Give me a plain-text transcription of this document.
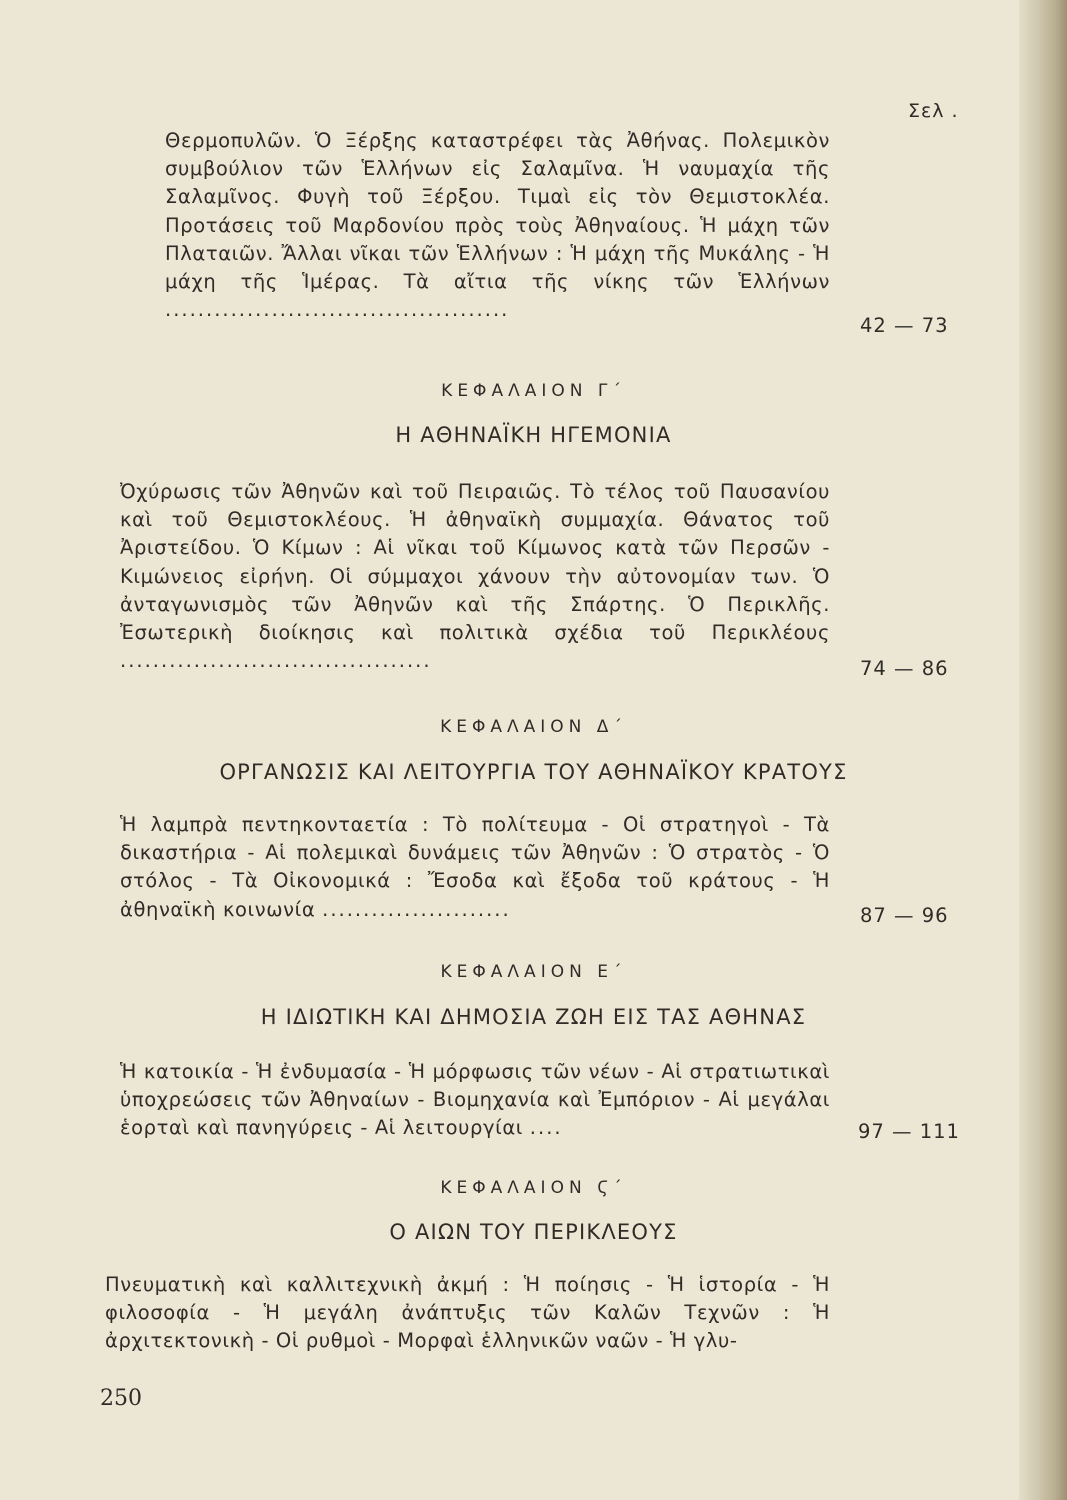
Σελ .
Θερμοπυλῶν. Ὁ Ξέρξης καταστρέφει τὰς Ἀθήνας. Πολεμικὸν συμβούλιον τῶν Ἑλλήνων εἰς Σαλαμῖνα. Ἡ ναυμαχία τῆς Σαλαμῖνος. Φυγὴ τοῦ Ξέρξου. Τιμαὶ εἰς τὸν Θεμιστοκλέα. Προτάσεις τοῦ Μαρδονίου πρὸς τοὺς Ἀθηναίους. Ἡ μάχη τῶν Πλαταιῶν. Ἄλλαι νῖκαι τῶν Ἑλλήνων : Ἡ μάχη τῆς Μυκάλης - Ἡ μάχη τῆς Ἱμέρας. Τὰ αἴτια τῆς νίκης τῶν Ἑλλήνων ..........................................
42 — 73
ΚΕΦΑΛΑΙΟΝ Γ΄
Η ΑΘΗΝΑΪΚΗ ΗΓΕΜΟΝΙΑ
Ὀχύρωσις τῶν Ἀθηνῶν καὶ τοῦ Πειραιῶς. Τὸ τέλος τοῦ Παυσανίου καὶ τοῦ Θεμιστοκλέους. Ἡ ἀθηναϊκὴ συμμαχία. Θάνατος τοῦ Ἀριστείδου. Ὁ Κίμων : Αἱ νῖκαι τοῦ Κίμωνος κατὰ τῶν Περσῶν - Κιμώνειος εἰρήνη. Οἱ σύμμαχοι χάνουν τὴν αὐτονομίαν των. Ὁ ἀνταγωνισμὸς τῶν Ἀθηνῶν καὶ τῆς Σπάρτης. Ὁ Περικλῆς. Ἐσωτερικὴ διοίκησις καὶ πολιτικὰ σχέδια τοῦ Περικλέους ......................................	74 — 86
ΚΕΦΑΛΑΙΟΝ Δ΄
ΟΡΓΑΝΩΣΙΣ ΚΑΙ ΛΕΙΤΟΥΡΓΙΑ ΤΟΥ ΑΘΗΝΑΪΚΟΥ ΚΡΑΤΟΥΣ
Ἡ λαμπρὰ πεντηκονταετία : Τὸ πολίτευμα - Οἱ στρατηγοὶ - Τὰ δικαστήρια - Αἱ πολεμικαὶ δυνάμεις τῶν Ἀθηνῶν : Ὁ στρατὸς - Ὁ στόλος - Τὰ Οἰκονομικά : Ἔσοδα καὶ ἔξοδα τοῦ κράτους - Ἡ ἀθηναϊκὴ κοινωνία .......................	87 — 96
ΚΕΦΑΛΑΙΟΝ Ε΄
Η ΙΔΙΩΤΙΚΗ ΚΑΙ ΔΗΜΟΣΙΑ ΖΩΗ ΕΙΣ ΤΑΣ ΑΘΗΝΑΣ
Ἡ κατοικία - Ἡ ἐνδυμασία - Ἡ μόρφωσις τῶν νέων - Αἱ στρατιωτικαὶ ὑποχρεώσεις τῶν Ἀθηναίων - Βιομηχανία καὶ Ἐμπόριον - Αἱ μεγάλαι ἑορταὶ καὶ πανηγύρεις - Αἱ λειτουργίαι ....	97 — 111
ΚΕΦΑΛΑΙΟΝ Ϛ΄
Ο ΑΙΩΝ ΤΟΥ ΠΕΡΙΚΛΕΟΥΣ
Πνευματικὴ καὶ καλλιτεχνικὴ ἀκμή : Ἡ ποίησις - Ἡ ἱστορία - Ἡ φιλοσοφία - Ἡ μεγάλη ἀνάπτυξις τῶν Καλῶν Τεχνῶν : Ἡ ἀρχιτεκτονικὴ - Οἱ ρυθμοὶ - Μορφαὶ ἑλληνικῶν ναῶν - Ἡ γλυ-
250
